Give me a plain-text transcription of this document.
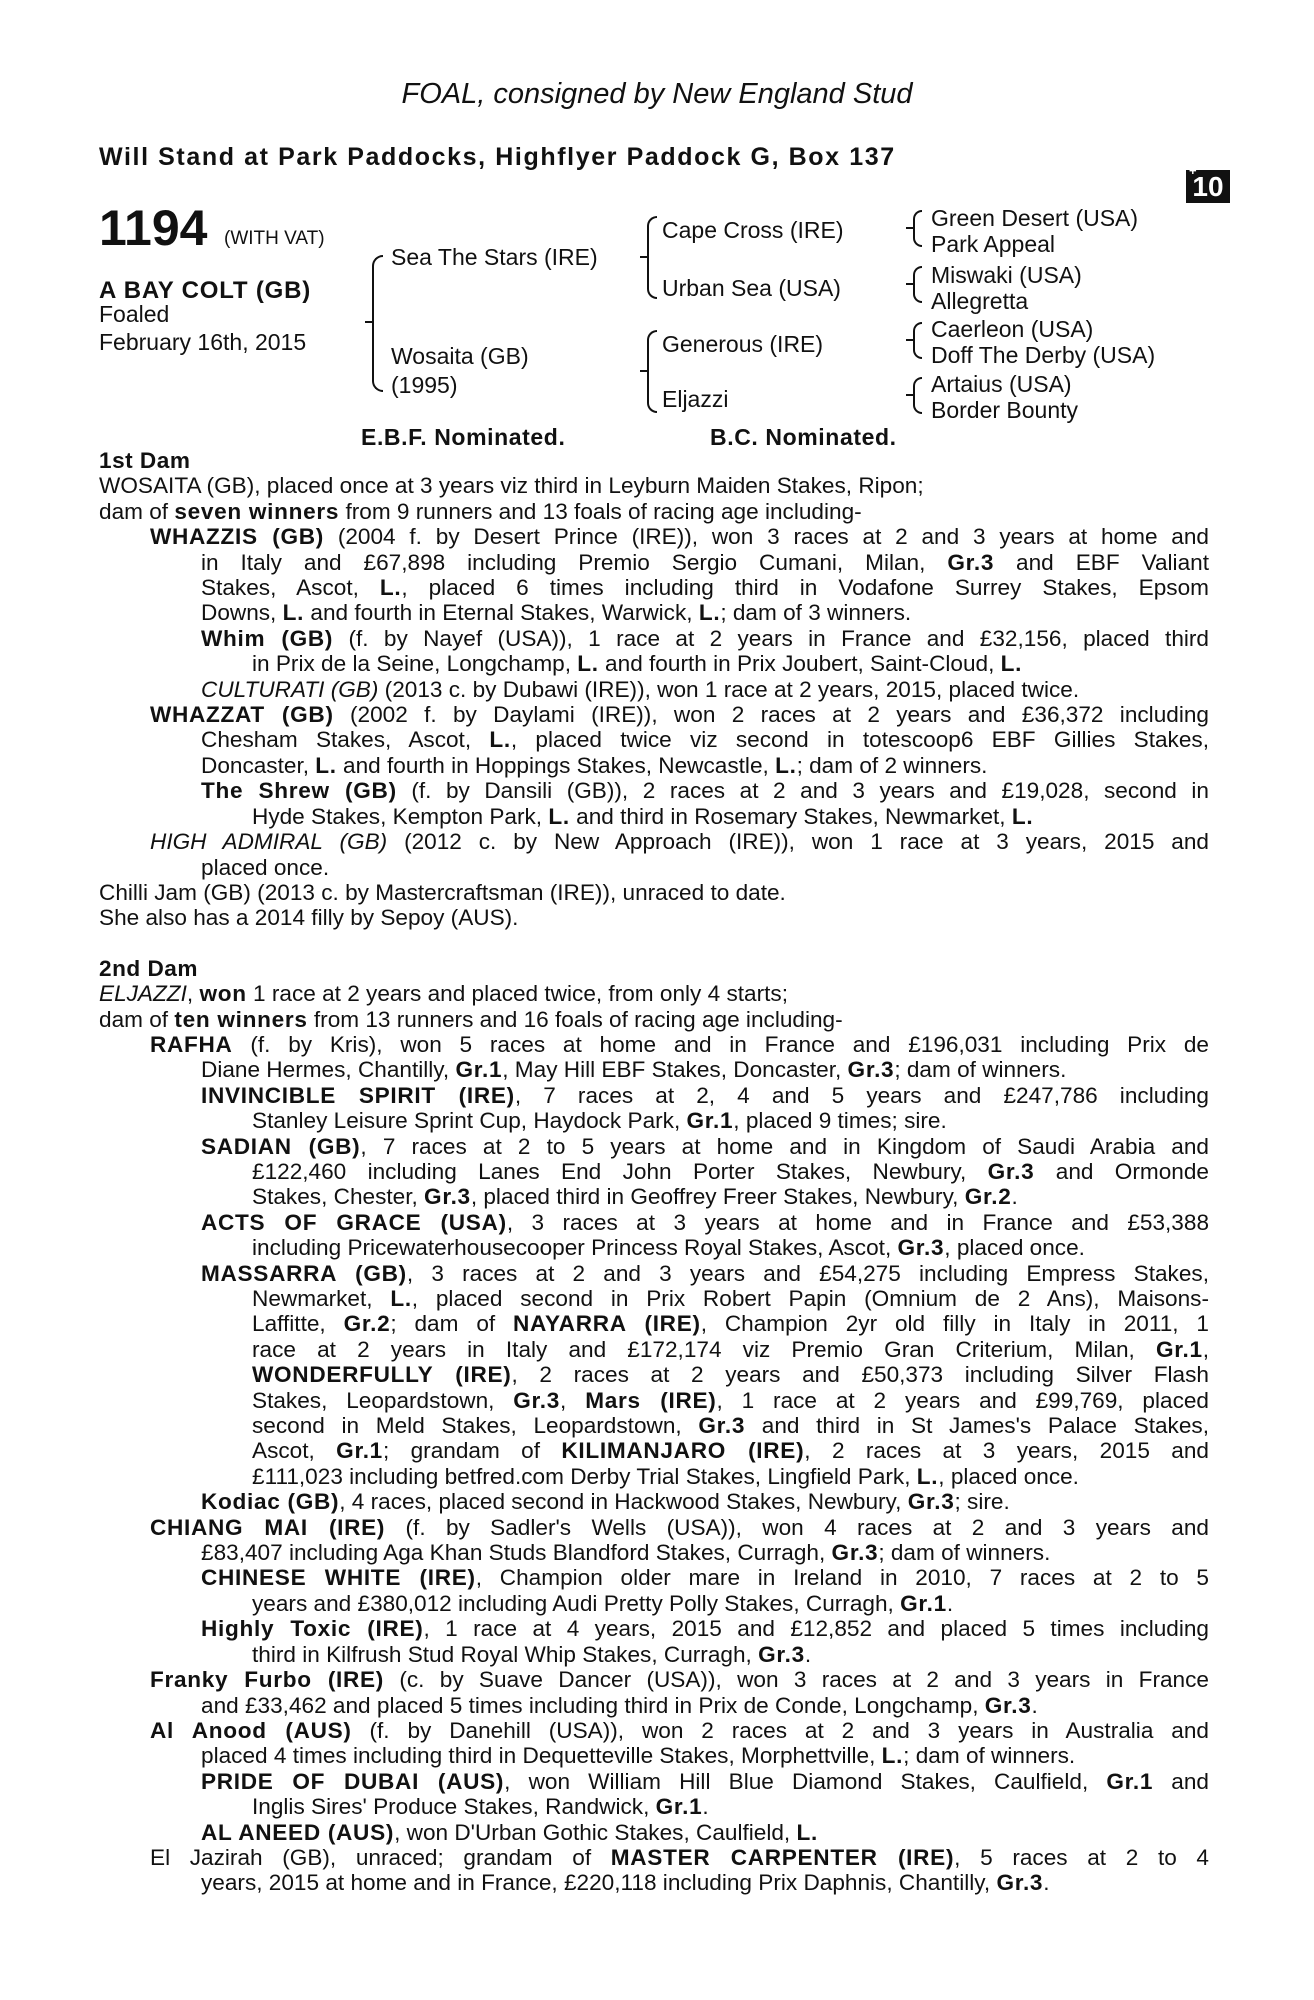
FOAL, consigned by New England Stud
Will Stand at Park Paddocks, Highflyer Paddock G, Box 137	+
10
1194 (WITH VAT)
A BAY COLT (GB)
Foaled
February 16th, 2015
Sea The Stars (IRE)
Wosaita (GB)
(1995)
Cape Cross (IRE)
Urban Sea (USA)
Generous (IRE)
Eljazzi
Green Desert (USA)
Park Appeal
Miswaki (USA)
Allegretta
Caerleon (USA)
Doff The Derby (USA)
Artaius (USA)
Border Bounty
E.B.F. Nominated.	B.C. Nominated.
1st Dam
WOSAITA (GB), placed once at 3 years viz third in Leyburn Maiden Stakes, Ripon;
dam of seven winners from 9 runners and 13 foals of racing age including-
WHAZZIS (GB) (2004 f. by Desert Prince (IRE)), won 3 races at 2 and 3 years at home and
in Italy and £67,898 including Premio Sergio Cumani, Milan, Gr.3 and EBF Valiant
Stakes, Ascot, L., placed 6 times including third in Vodafone Surrey Stakes, Epsom
Downs, L. and fourth in Eternal Stakes, Warwick, L.; dam of 3 winners.
Whim (GB) (f. by Nayef (USA)), 1 race at 2 years in France and £32,156, placed third
in Prix de la Seine, Longchamp, L. and fourth in Prix Joubert, Saint-Cloud, L.
CULTURATI (GB) (2013 c. by Dubawi (IRE)), won 1 race at 2 years, 2015, placed twice.
WHAZZAT (GB) (2002 f. by Daylami (IRE)), won 2 races at 2 years and £36,372 including
Chesham Stakes, Ascot, L., placed twice viz second in totescoop6 EBF Gillies Stakes,
Doncaster, L. and fourth in Hoppings Stakes, Newcastle, L.; dam of 2 winners.
The Shrew (GB) (f. by Dansili (GB)), 2 races at 2 and 3 years and £19,028, second in
Hyde Stakes, Kempton Park, L. and third in Rosemary Stakes, Newmarket, L.
HIGH ADMIRAL (GB) (2012 c. by New Approach (IRE)), won 1 race at 3 years, 2015 and
placed once.
Chilli Jam (GB) (2013 c. by Mastercraftsman (IRE)), unraced to date.
She also has a 2014 filly by Sepoy (AUS).
2nd Dam
ELJAZZI, won 1 race at 2 years and placed twice, from only 4 starts;
dam of ten winners from 13 runners and 16 foals of racing age including-
RAFHA (f. by Kris), won 5 races at home and in France and £196,031 including Prix de
Diane Hermes, Chantilly, Gr.1, May Hill EBF Stakes, Doncaster, Gr.3; dam of winners.
INVINCIBLE SPIRIT (IRE), 7 races at 2, 4 and 5 years and £247,786 including
Stanley Leisure Sprint Cup, Haydock Park, Gr.1, placed 9 times; sire.
SADIAN (GB), 7 races at 2 to 5 years at home and in Kingdom of Saudi Arabia and
£122,460 including Lanes End John Porter Stakes, Newbury, Gr.3 and Ormonde
Stakes, Chester, Gr.3, placed third in Geoffrey Freer Stakes, Newbury, Gr.2.
ACTS OF GRACE (USA), 3 races at 3 years at home and in France and £53,388
including Pricewaterhousecooper Princess Royal Stakes, Ascot, Gr.3, placed once.
MASSARRA (GB), 3 races at 2 and 3 years and £54,275 including Empress Stakes,
Newmarket, L., placed second in Prix Robert Papin (Omnium de 2 Ans), Maisons-
Laffitte, Gr.2; dam of NAYARRA (IRE), Champion 2yr old filly in Italy in 2011, 1
race at 2 years in Italy and £172,174 viz Premio Gran Criterium, Milan, Gr.1,
WONDERFULLY (IRE), 2 races at 2 years and £50,373 including Silver Flash
Stakes, Leopardstown, Gr.3, Mars (IRE), 1 race at 2 years and £99,769, placed
second in Meld Stakes, Leopardstown, Gr.3 and third in St James's Palace Stakes,
Ascot, Gr.1; grandam of KILIMANJARO (IRE), 2 races at 3 years, 2015 and
£111,023 including betfred.com Derby Trial Stakes, Lingfield Park, L., placed once.
Kodiac (GB), 4 races, placed second in Hackwood Stakes, Newbury, Gr.3; sire.
CHIANG MAI (IRE) (f. by Sadler's Wells (USA)), won 4 races at 2 and 3 years and
£83,407 including Aga Khan Studs Blandford Stakes, Curragh, Gr.3; dam of winners.
CHINESE WHITE (IRE), Champion older mare in Ireland in 2010, 7 races at 2 to 5
years and £380,012 including Audi Pretty Polly Stakes, Curragh, Gr.1.
Highly Toxic (IRE), 1 race at 4 years, 2015 and £12,852 and placed 5 times including
third in Kilfrush Stud Royal Whip Stakes, Curragh, Gr.3.
Franky Furbo (IRE) (c. by Suave Dancer (USA)), won 3 races at 2 and 3 years in France
and £33,462 and placed 5 times including third in Prix de Conde, Longchamp, Gr.3.
Al Anood (AUS) (f. by Danehill (USA)), won 2 races at 2 and 3 years in Australia and
placed 4 times including third in Dequetteville Stakes, Morphettville, L.; dam of winners.
PRIDE OF DUBAI (AUS), won William Hill Blue Diamond Stakes, Caulfield, Gr.1 and
Inglis Sires' Produce Stakes, Randwick, Gr.1.
AL ANEED (AUS), won D'Urban Gothic Stakes, Caulfield, L.
El Jazirah (GB), unraced; grandam of MASTER CARPENTER (IRE), 5 races at 2 to 4
years, 2015 at home and in France, £220,118 including Prix Daphnis, Chantilly, Gr.3.
